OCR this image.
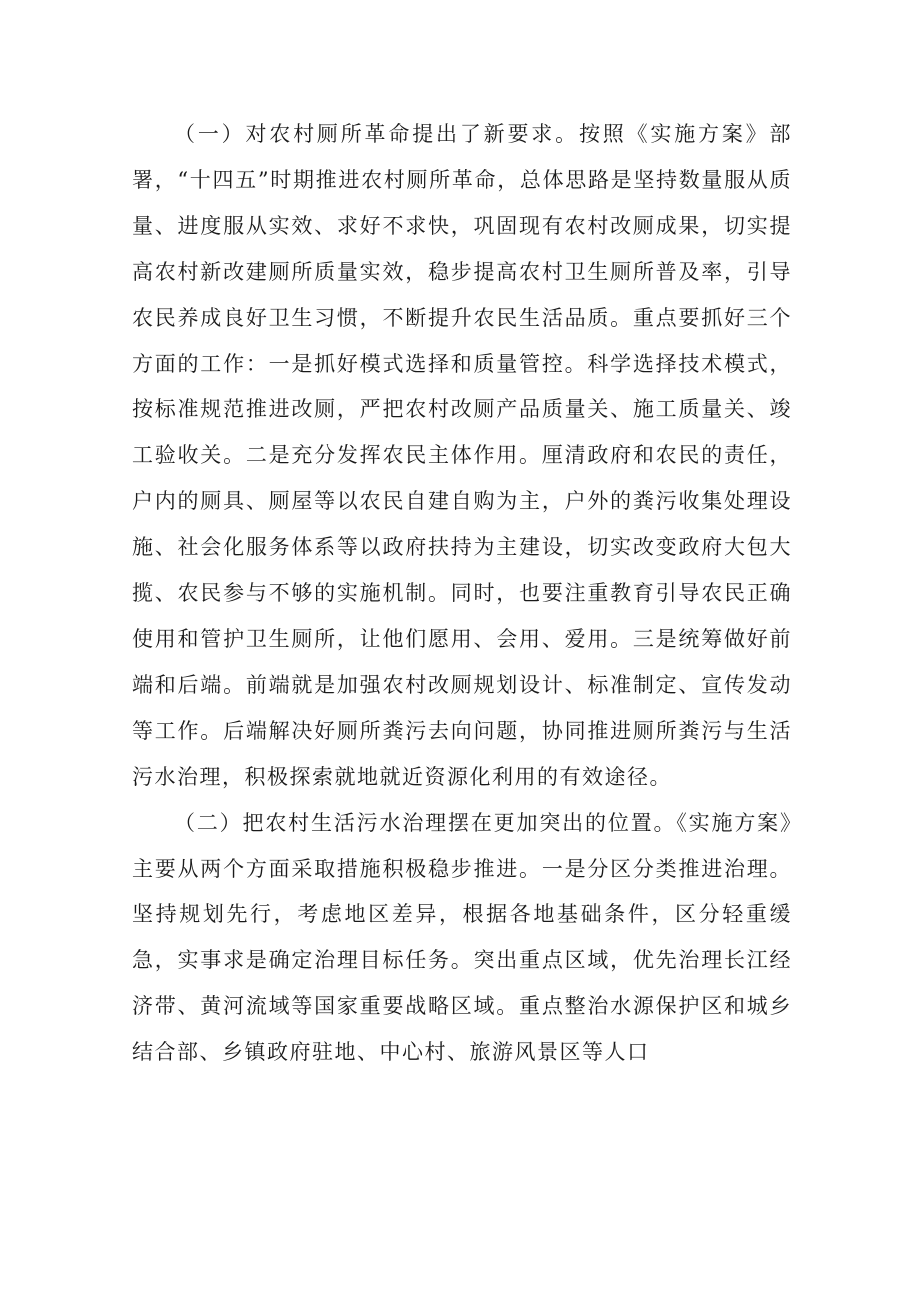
（一）对农村厕所革命提出了新要求。按照《实施方案》部署，“十四五”时期推进农村厕所革命，总体思路是坚持数量服从质量、进度服从实效、求好不求快，巩固现有农村改厕成果，切实提高农村新改建厕所质量实效，稳步提高农村卫生厕所普及率，引导农民养成良好卫生习惯，不断提升农民生活品质。重点要抓好三个方面的工作：一是抓好模式选择和质量管控。科学选择技术模式，按标准规范推进改厕，严把农村改厕产品质量关、施工质量关、竣工验收关。二是充分发挥农民主体作用。厘清政府和农民的责任，户内的厕具、厕屋等以农民自建自购为主，户外的粪污收集处理设施、社会化服务体系等以政府扶持为主建设，切实改变政府大包大揽、农民参与不够的实施机制。同时，也要注重教育引导农民正确使用和管护卫生厕所，让他们愿用、会用、爱用。三是统筹做好前端和后端。前端就是加强农村改厕规划设计、标准制定、宣传发动等工作。后端解决好厕所粪污去向问题，协同推进厕所粪污与生活污水治理，积极探索就地就近资源化利用的有效途径。

（二）把农村生活污水治理摆在更加突出的位置。《实施方案》主要从两个方面采取措施积极稳步推进。一是分区分类推进治理。坚持规划先行，考虑地区差异，根据各地基础条件，区分轻重缓急，实事求是确定治理目标任务。突出重点区域，优先治理长江经济带、黄河流域等国家重要战略区域。重点整治水源保护区和城乡结合部、乡镇政府驻地、中心村、旅游风景区等人口
